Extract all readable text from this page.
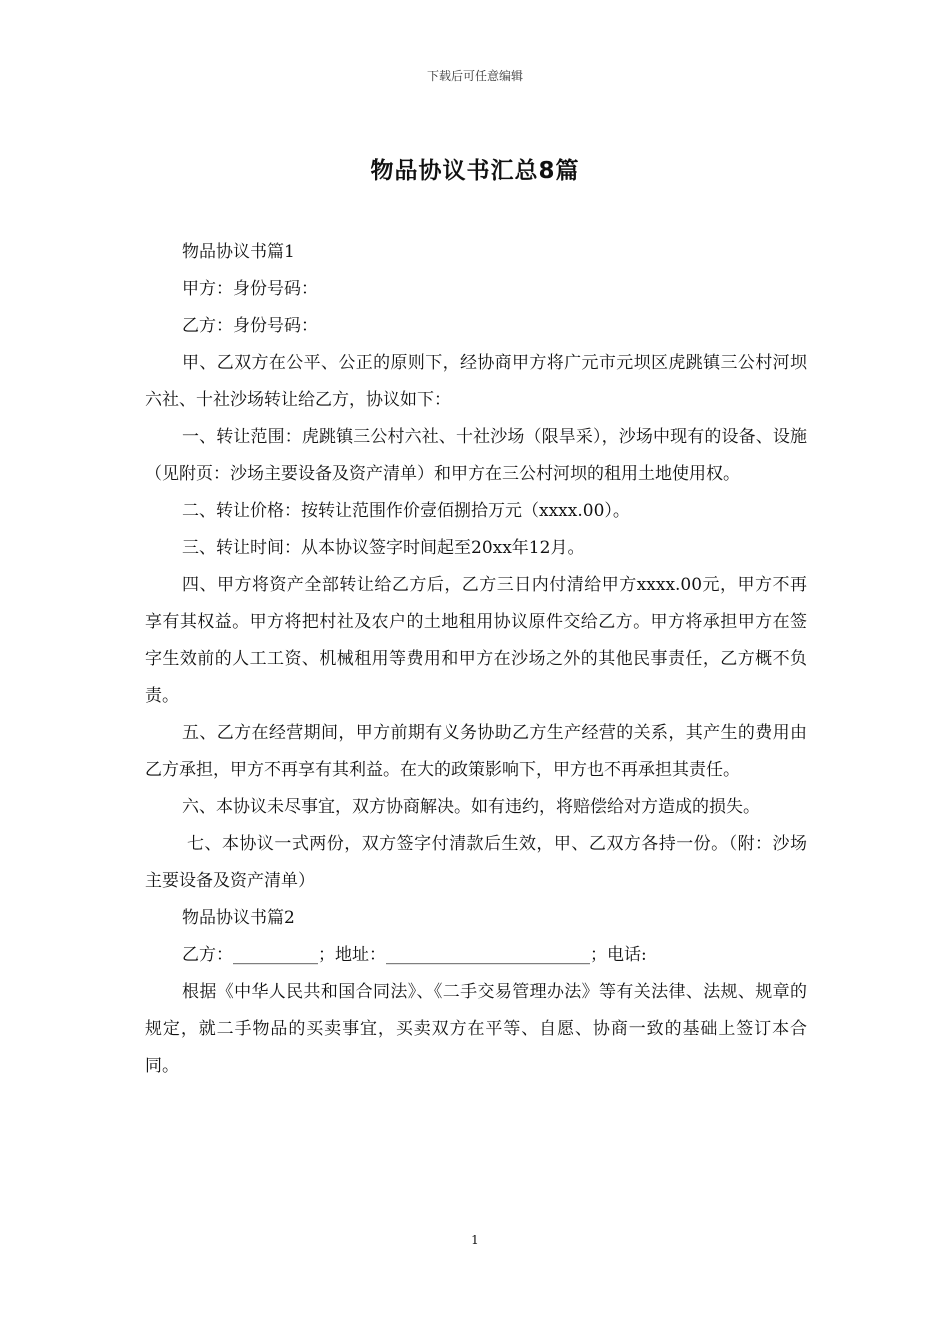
下载后可任意编辑
物品协议书汇总8篇

物品协议书篇1

甲方：身份号码：

乙方：身份号码：

甲、乙双方在公平、公正的原则下，经协商甲方将广元市元坝区虎跳镇三公村河坝六社、十社沙场转让给乙方，协议如下：

一、转让范围：虎跳镇三公村六社、十社沙场（限旱采），沙场中现有的设备、设施（见附页：沙场主要设备及资产清单）和甲方在三公村河坝的租用土地使用权。

二、转让价格：按转让范围作价壹佰捌拾万元（xxxx.00）。

三、转让时间：从本协议签字时间起至20xx年12月。

四、甲方将资产全部转让给乙方后，乙方三日内付清给甲方xxxx.00元，甲方不再享有其权益。甲方将把村社及农户的土地租用协议原件交给乙方。甲方将承担甲方在签字生效前的人工工资、机械租用等费用和甲方在沙场之外的其他民事责任，乙方概不负责。

五、乙方在经营期间，甲方前期有义务协助乙方生产经营的关系，其产生的费用由乙方承担，甲方不再享有其利益。在大的政策影响下，甲方也不再承担其责任。

六、本协议未尽事宜，双方协商解决。如有违约，将赔偿给对方造成的损失。

七、本协议一式两份，双方签字付清款后生效，甲、乙双方各持一份。（附：沙场主要设备及资产清单）

物品协议书篇2

乙方：__________；地址：________________________；电话:

根据《中华人民共和国合同法》、《二手交易管理办法》等有关法律、法规、规章的规定，就二手物品的买卖事宜，买卖双方在平等、自愿、协商一致的基础上签订本合同。

1
